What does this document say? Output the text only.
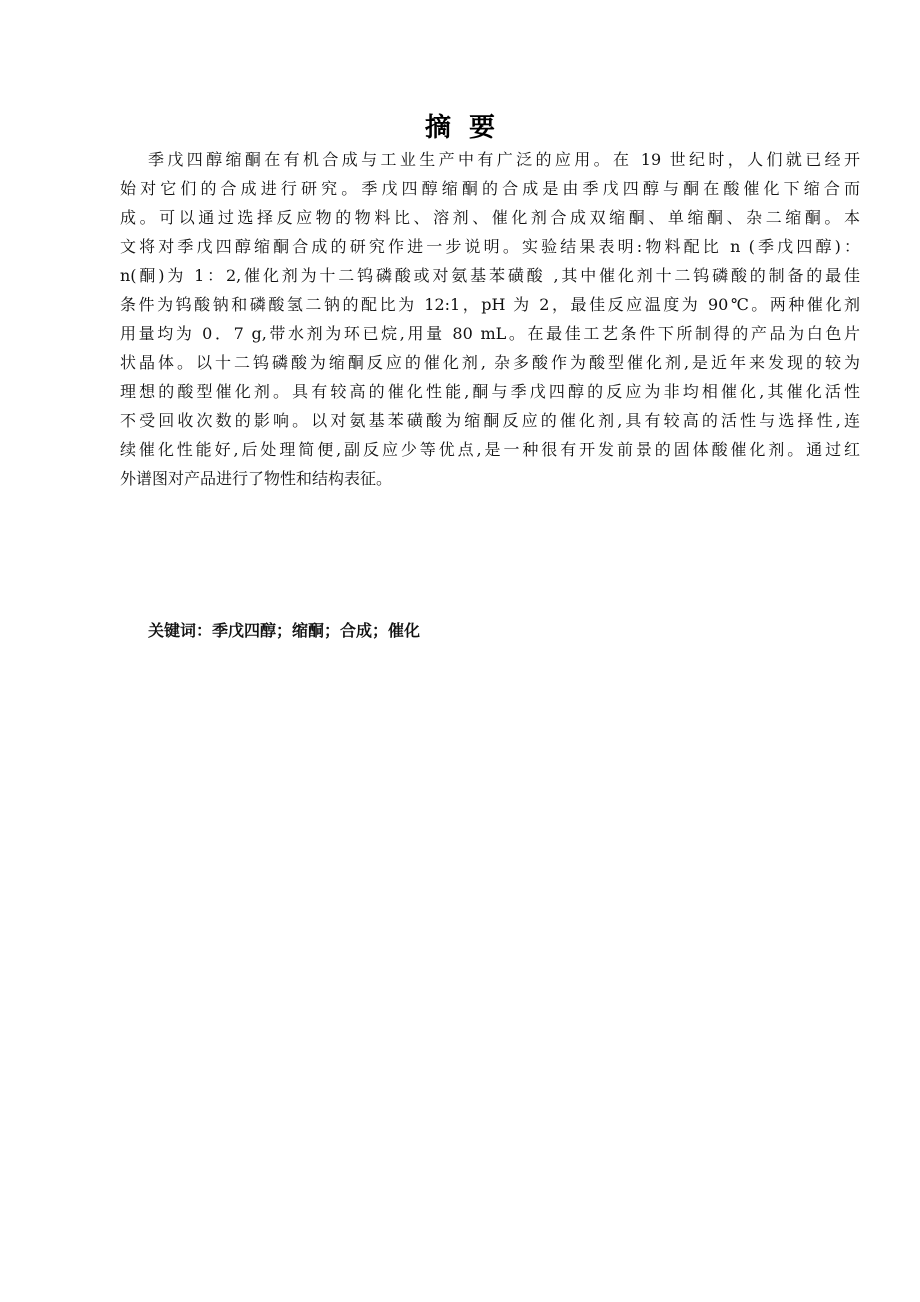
摘 要
季戊四醇缩酮在有机合成与工业生产中有广泛的应用。在 19 世纪时，人们就已经开
始对它们的合成进行研究。季戊四醇缩酮的合成是由季戊四醇与酮在酸催化下缩合而
成。可以通过选择反应物的物料比、溶剂、催化剂合成双缩酮、单缩酮、杂二缩酮。本
文将对季戊四醇缩酮合成的研究作进一步说明。实验结果表明:物料配比 n (季戊四醇)：
n(酮)为 1：2,催化剂为十二钨磷酸或对氨基苯磺酸 ,其中催化剂十二钨磷酸的制备的最佳
条件为钨酸钠和磷酸氢二钠的配比为 12:1，pH 为 2，最佳反应温度为 90℃。两种催化剂
用量均为 0．7 g,带水剂为环已烷,用量 80 mL。在最佳工艺条件下所制得的产品为白色片
状晶体。以十二钨磷酸为缩酮反应的催化剂, 杂多酸作为酸型催化剂,是近年来发现的较为
理想的酸型催化剂。具有较高的催化性能,酮与季戊四醇的反应为非均相催化,其催化活性
不受回收次数的影响。以对氨基苯磺酸为缩酮反应的催化剂,具有较高的活性与选择性,连
续催化性能好,后处理简便,副反应少等优点,是一种很有开发前景的固体酸催化剂。通过红
外谱图对产品进行了物性和结构表征。
关键词：季戊四醇；缩酮；合成；催化
